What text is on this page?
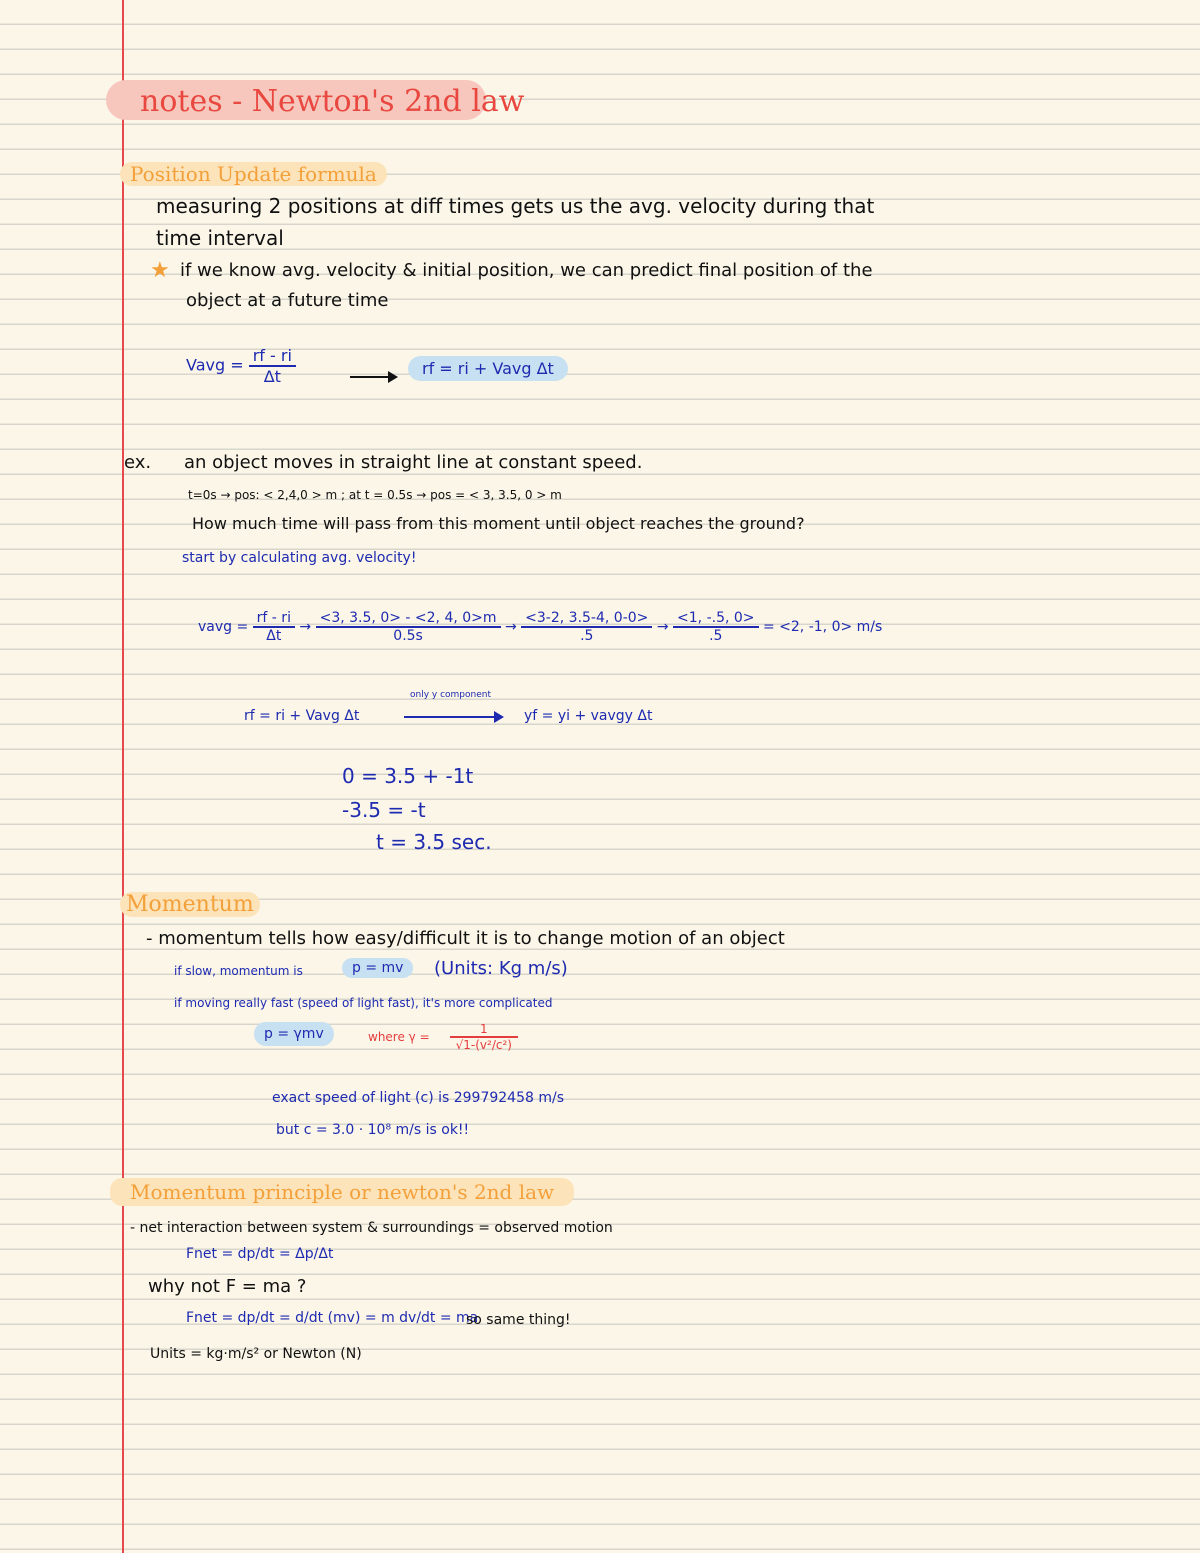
notes - Newton's 2nd law
Position Update formula
measuring 2 positions at diff times gets us the avg. velocity during that
time interval
★ if we know avg. velocity & initial position, we can predict final position of the
object at a future time
Vavg = $\frac{rf - ri}{\Delta t}$	rf = ri + Vavg Δt
ex. an object moves in straight line at constant speed.
t=0s → pos: < 2,4,0 > m ; at t = 0.5s → pos = < 3, 3.5, 0 > m
How much time will pass from this moment until object reaches the ground?
start by calculating avg. velocity!
vavg = $\frac{rf - ri}{\Delta t} \to \frac{<3, 3.5, 0> - <2, 4, 0>m}{0.5s} \to \frac{<3-2, 3.5-4, 0-0>}{.5} \to \frac{<1, -.5, 0>}{.5} = <2$, -1, 0> m/s
rf = ri + Vavg Δt
only y component
yf = yi + vavgy Δt
0 = 3.5 + -1t
-3.5 = -t
t = 3.5 sec.
Momentum
- momentum tells how easy/difficult it is to change motion of an object
if slow, momentum is	p = mv	(Units: Kg m/s)
if moving really fast (speed of light fast), it's more complicated
p = γmv	where $\gamma = \frac{1}{\text{√1-(v²/c²)}}$
exact speed of light (c) is 299792458 m/s
but c = 3.0 · 10⁸ m/s is ok!!
Momentum principle or newton's 2nd law
- net interaction between system & surroundings = observed motion
Fnet = dp/dt = Δp/Δt
why not F = ma ?
Fnet = dp/dt = d/dt (mv) = m dv/dt = ma
so same thing!
Units = kg·m/s² or Newton (N)
